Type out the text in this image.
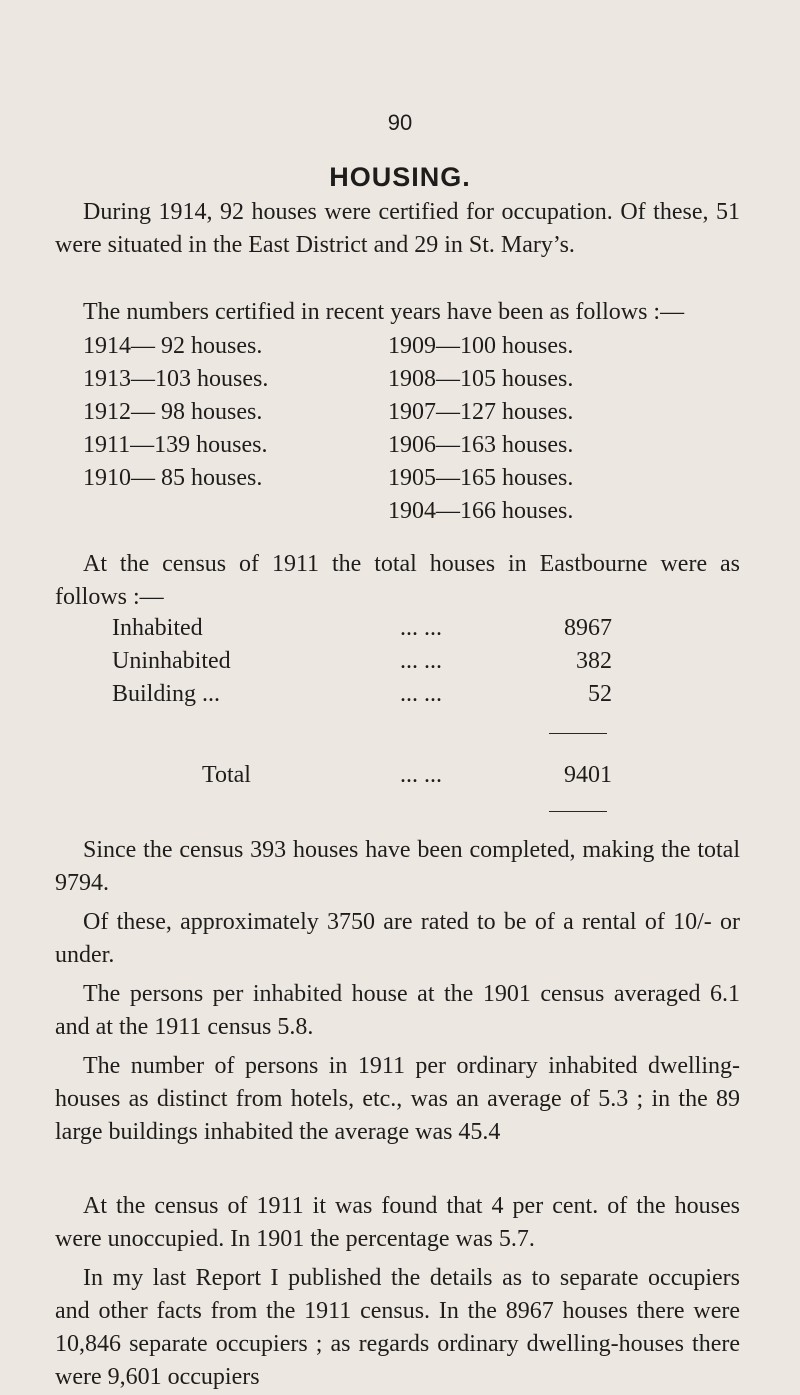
90
HOUSING.
During 1914, 92 houses were certified for occupation. Of these, 51 were situated in the East District and 29 in St. Mary’s.
The numbers certified in recent years have been as follows :—
1914— 92 houses.
1913—103 houses.
1912— 98 houses.
1911—139 houses.
1910— 85 houses.
1909—100 houses.
1908—105 houses.
1907—127 houses.
1906—163 houses.
1905—165 houses.
1904—166 houses.
At the census of 1911 the total houses in Eastbourne were as follows :—
Inhabited	... ...	8967
Uninhabited	... ...	382
Building ...	... ...	52
Total	... ...	9401
Since the census 393 houses have been completed, making the total 9794.
Of these, approximately 3750 are rated to be of a rental of 10/- or under.
The persons per inhabited house at the 1901 census averaged 6.1 and at the 1911 census 5.8.
The number of persons in 1911 per ordinary inhabited dwelling-houses as distinct from hotels, etc., was an average of 5.3 ; in the 89 large buildings inhabited the average was 45.4
At the census of 1911 it was found that 4 per cent. of the houses were unoccupied. In 1901 the percentage was 5.7.
In my last Report I published the details as to separate occupiers and other facts from the 1911 census. In the 8967 houses there were 10,846 separate occupiers ; as regards ordinary dwelling-houses there were 9,601 occupiers
